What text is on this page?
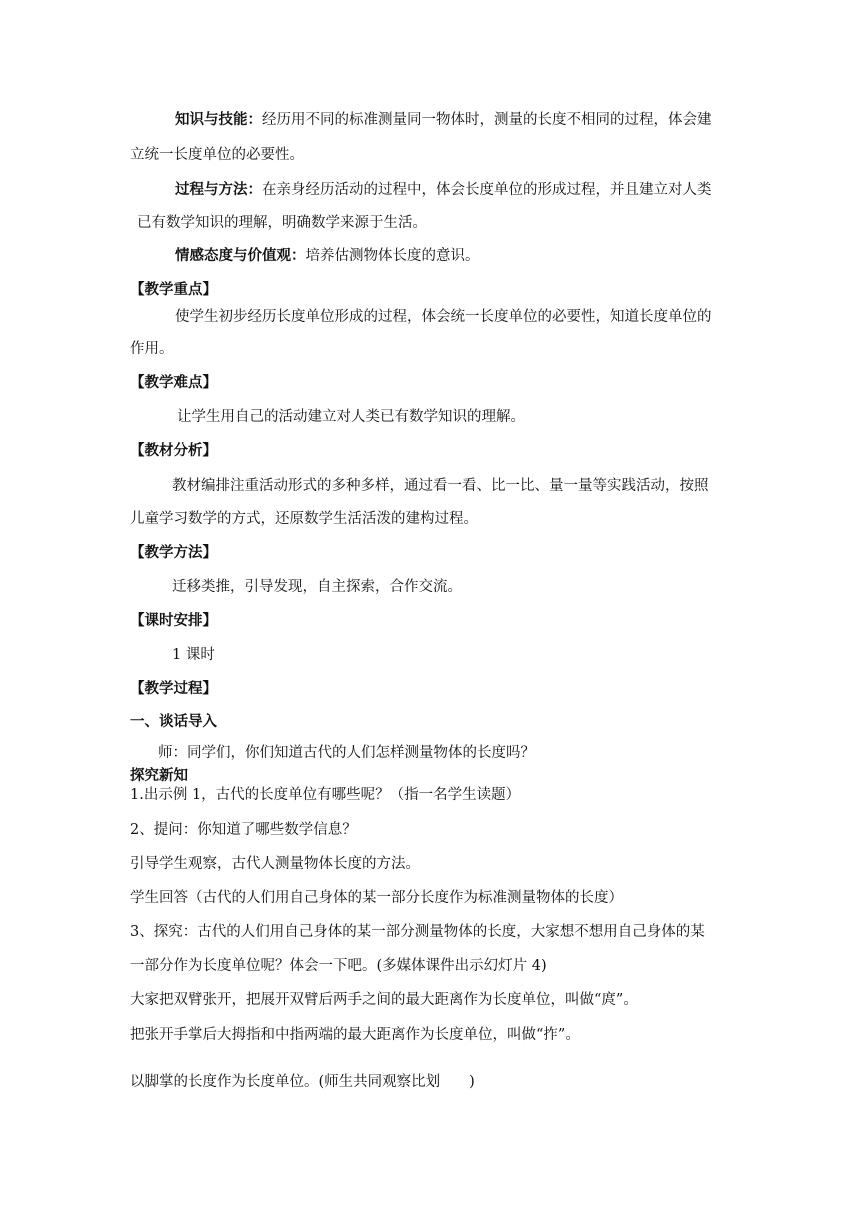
知识与技能：经历用不同的标准测量同一物体时，测量的长度不相同的过程，体会建
立统一长度单位的必要性。
过程与方法：在亲身经历活动的过程中，体会长度单位的形成过程，并且建立对人类
已有数学知识的理解，明确数学来源于生活。
情感态度与价值观：培养估测物体长度的意识。
【教学重点】
使学生初步经历长度单位形成的过程，体会统一长度单位的必要性，知道长度单位的
作用。
【教学难点】
让学生用自己的活动建立对人类已有数学知识的理解。
【教材分析】
教材编排注重活动形式的多种多样，通过看一看、比一比、量一量等实践活动，按照
儿童学习数学的方式，还原数学生活活泼的建构过程。
【教学方法】
迁移类推，引导发现，自主探索，合作交流。
【课时安排】
1 课时
【教学过程】
一、谈话导入
师：同学们，你们知道古代的人们怎样测量物体的长度吗？
探究新知
1.出示例 1，古代的长度单位有哪些呢？（指一名学生读题）
2、提问：你知道了哪些数学信息？
引导学生观察，古代人测量物体长度的方法。
学生回答（古代的人们用自己身体的某一部分长度作为标准测量物体的长度）
3、探究：古代的人们用自己身体的某一部分测量物体的长度，大家想不想用自己身体的某
一部分作为长度单位呢？体会一下吧。(多媒体课件出示幻灯片 4)
大家把双臂张开，把展开双臂后两手之间的最大距离作为长度单位，叫做“庹”。
把张开手掌后大拇指和中指两端的最大距离作为长度单位，叫做“拃”。
以脚掌的长度作为长度单位。(师生共同观察比划　　)
